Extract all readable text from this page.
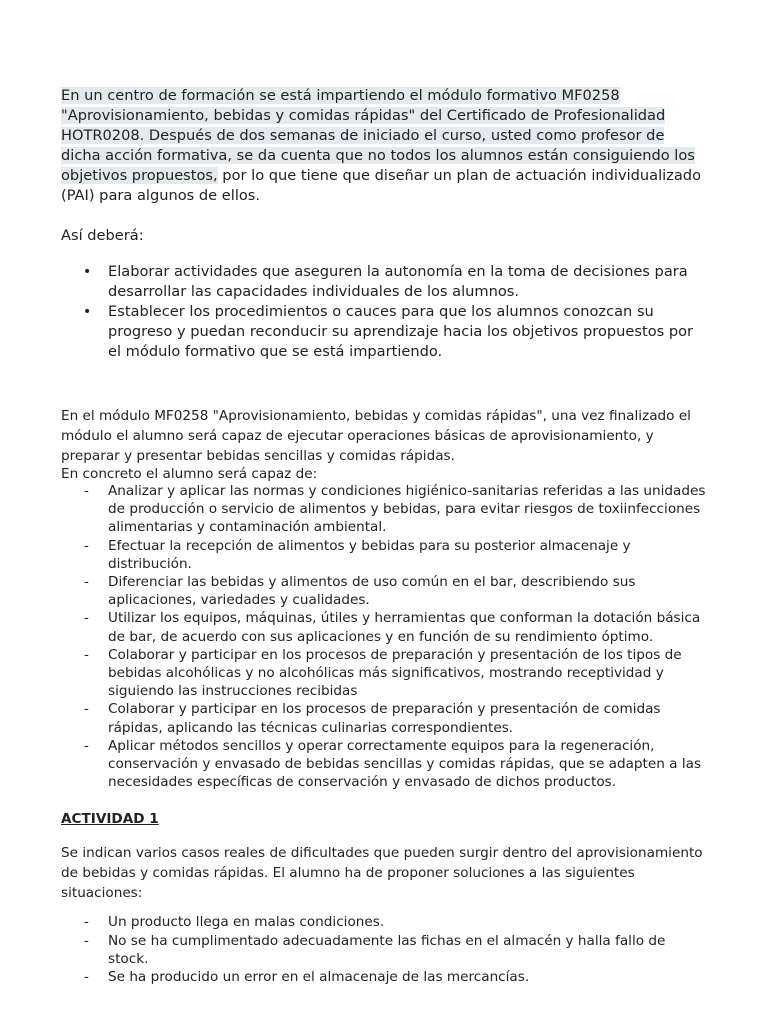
En un centro de formación se está impartiendo el módulo formativo MF0258 "Aprovisionamiento, bebidas y comidas rápidas" del Certificado de Profesionalidad HOTR0208. Después de dos semanas de iniciado el curso, usted como profesor de dicha acción formativa, se da cuenta que no todos los alumnos están consiguiendo los objetivos propuestos, por lo que tiene que diseñar un plan de actuación individualizado (PAI) para algunos de ellos.

Así deberá:

• Elaborar actividades que aseguren la autonomía en la toma de decisiones para desarrollar las capacidades individuales de los alumnos.
• Establecer los procedimientos o cauces para que los alumnos conozcan su progreso y puedan reconducir su aprendizaje hacia los objetivos propuestos por el módulo formativo que se está impartiendo.

En el módulo MF0258 "Aprovisionamiento, bebidas y comidas rápidas", una vez finalizado el módulo el alumno será capaz de ejecutar operaciones básicas de aprovisionamiento, y preparar y presentar bebidas sencillas y comidas rápidas.

En concreto el alumno será capaz de:

- Analizar y aplicar las normas y condiciones higiénico-sanitarias referidas a las unidades de producción o servicio de alimentos y bebidas, para evitar riesgos de toxiinfecciones alimentarias y contaminación ambiental.
- Efectuar la recepción de alimentos y bebidas para su posterior almacenaje y distribución.
- Diferenciar las bebidas y alimentos de uso común en el bar, describiendo sus aplicaciones, variedades y cualidades.
- Utilizar los equipos, máquinas, útiles y herramientas que conforman la dotación básica de bar, de acuerdo con sus aplicaciones y en función de su rendimiento óptimo.
- Colaborar y participar en los procesos de preparación y presentación de los tipos de bebidas alcohólicas y no alcohólicas más significativos, mostrando receptividad y siguiendo las instrucciones recibidas
- Colaborar y participar en los procesos de preparación y presentación de comidas rápidas, aplicando las técnicas culinarias correspondientes.
- Aplicar métodos sencillos y operar correctamente equipos para la regeneración, conservación y envasado de bebidas sencillas y comidas rápidas, que se adapten a las necesidades específicas de conservación y envasado de dichos productos.

ACTIVIDAD 1

Se indican varios casos reales de dificultades que pueden surgir dentro del aprovisionamiento de bebidas y comidas rápidas. El alumno ha de proponer soluciones a las siguientes situaciones:

- Un producto llega en malas condiciones.
- No se ha cumplimentado adecuadamente las fichas en el almacén y halla fallo de stock.
- Se ha producido un error en el almacenaje de las mercancías.
